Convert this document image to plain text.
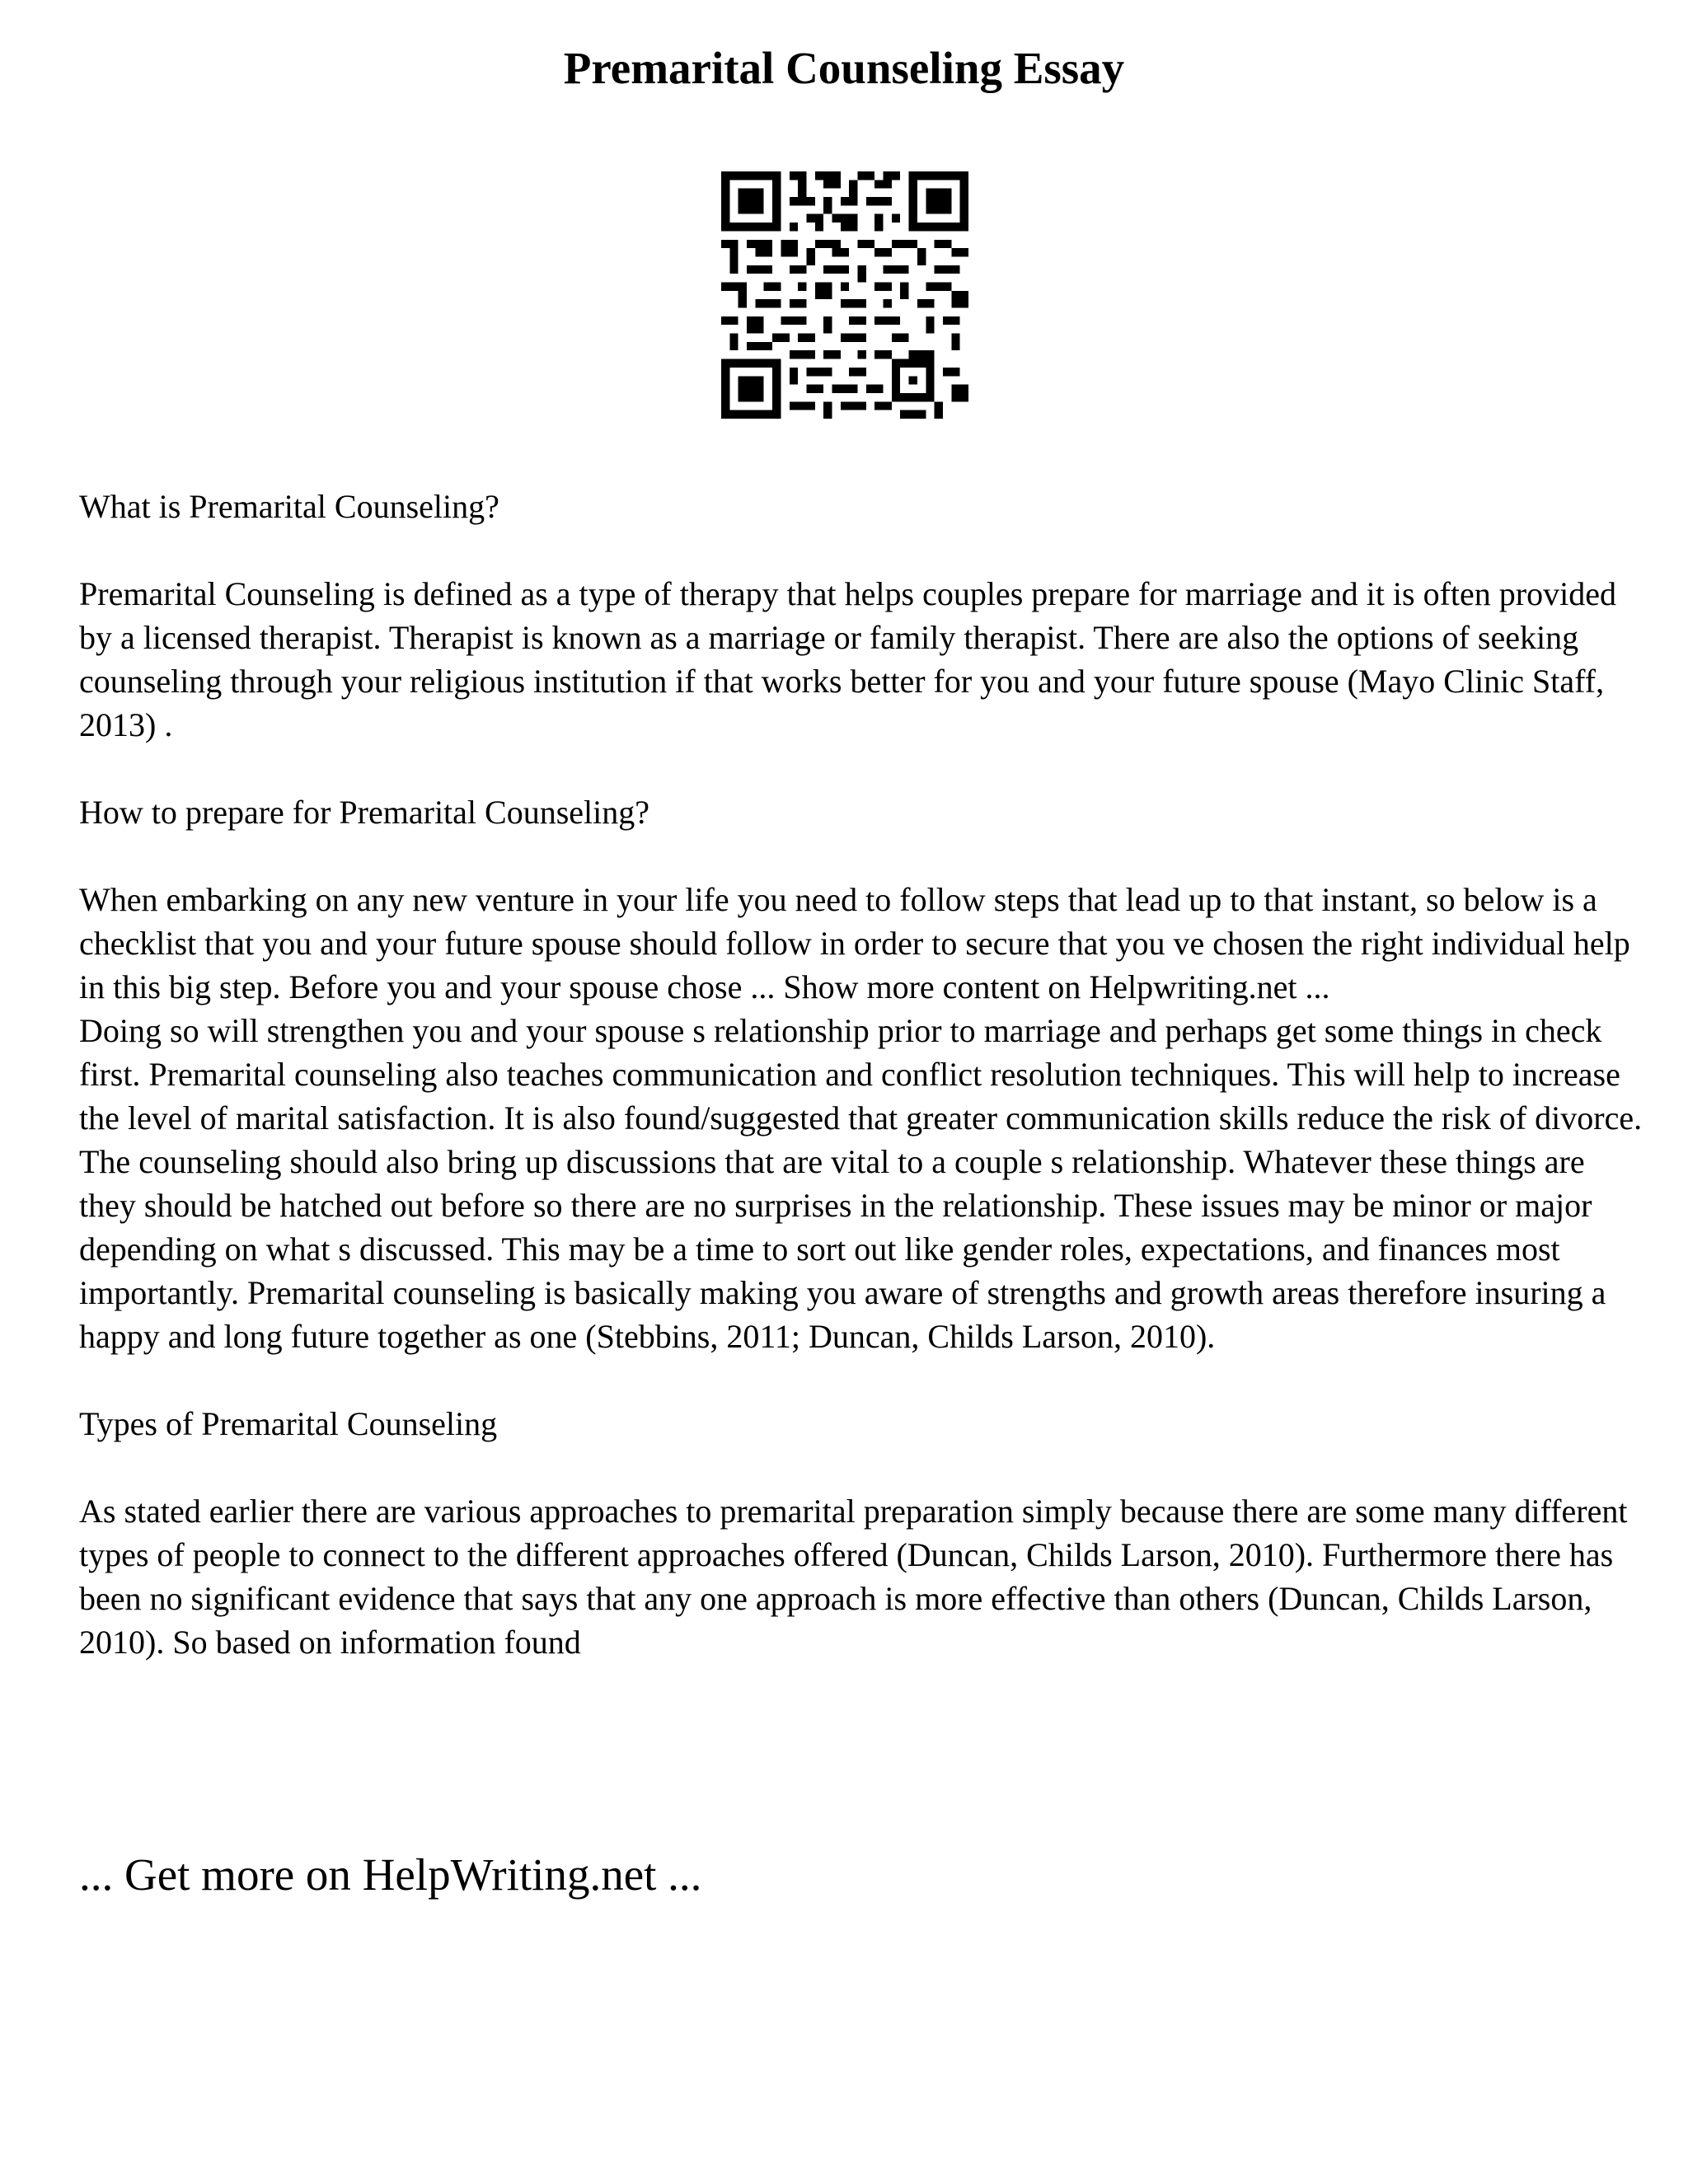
Premarital Counseling Essay

What is Premarital Counseling?

Premarital Counseling is defined as a type of therapy that helps couples prepare for marriage and it is often provided by a licensed therapist. Therapist is known as a marriage or family therapist. There are also the options of seeking counseling through your religious institution if that works better for you and your future spouse (Mayo Clinic Staff, 2013) .

How to prepare for Premarital Counseling?

When embarking on any new venture in your life you need to follow steps that lead up to that instant, so below is a checklist that you and your future spouse should follow in order to secure that you ve chosen the right individual help in this big step. Before you and your spouse chose ... Show more content on Helpwriting.net ...

Doing so will strengthen you and your spouse s relationship prior to marriage and perhaps get some things in check first. Premarital counseling also teaches communication and conflict resolution techniques. This will help to increase the level of marital satisfaction. It is also found/suggested that greater communication skills reduce the risk of divorce. The counseling should also bring up discussions that are vital to a couple s relationship. Whatever these things are they should be hatched out before so there are no surprises in the relationship. These issues may be minor or major depending on what s discussed. This may be a time to sort out like gender roles, expectations, and finances most importantly. Premarital counseling is basically making you aware of strengths and growth areas therefore insuring a happy and long future together as one (Stebbins, 2011; Duncan, Childs Larson, 2010).

Types of Premarital Counseling

As stated earlier there are various approaches to premarital preparation simply because there are some many different types of people to connect to the different approaches offered (Duncan, Childs Larson, 2010). Furthermore there has been no significant evidence that says that any one approach is more effective than others (Duncan, Childs Larson, 2010). So based on information found

... Get more on HelpWriting.net ...
